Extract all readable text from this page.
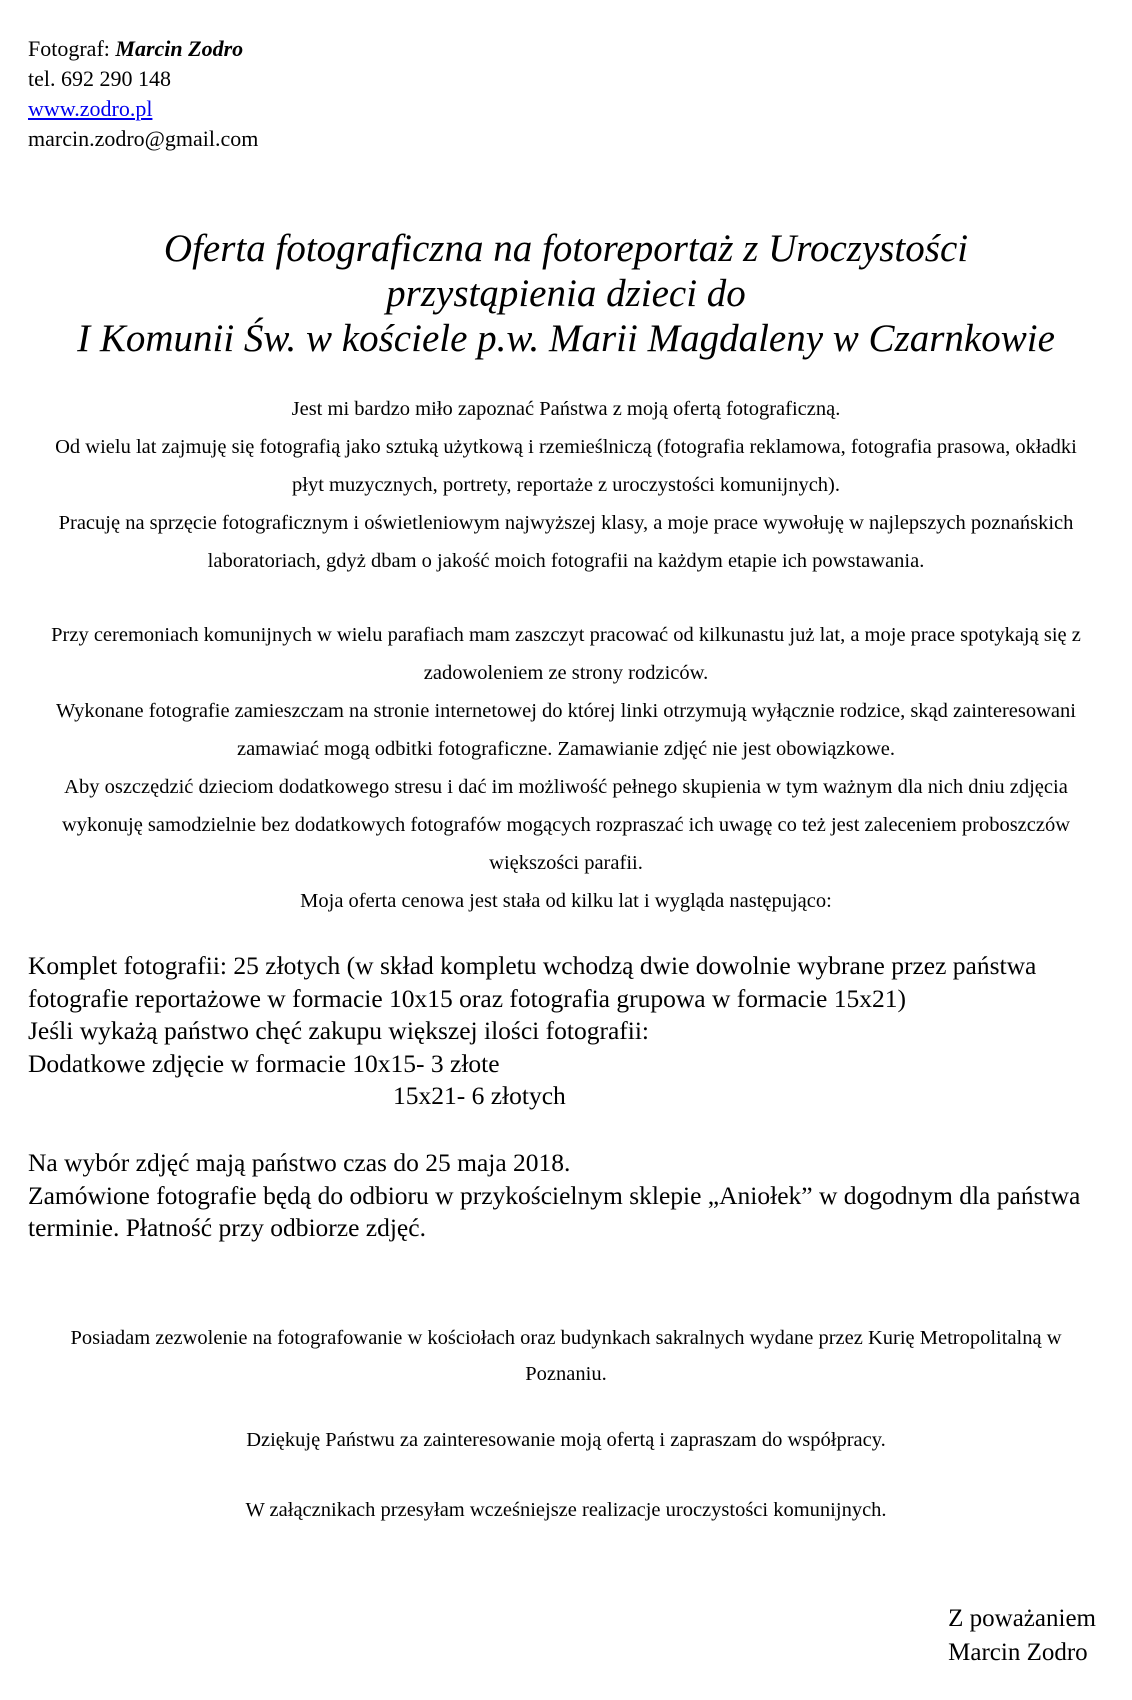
Fotograf: Marcin Zodro
tel. 692 290 148
www.zodro.pl
marcin.zodro@gmail.com
Oferta fotograficzna na fotoreportaż z Uroczystości
przystąpienia dzieci do
I Komunii Św. w kościele p.w. Marii Magdaleny w Czarnkowie

Jest mi bardzo miło zapoznać Państwa z moją ofertą fotograficzną.

Od wielu lat zajmuję się fotografią jako sztuką użytkową i rzemieślniczą (fotografia reklamowa, fotografia prasowa, okładki płyt muzycznych, portrety, reportaże z uroczystości komunijnych).

Pracuję na sprzęcie fotograficznym i oświetleniowym najwyższej klasy, a moje prace wywołuję w najlepszych poznańskich laboratoriach, gdyż dbam o jakość moich fotografii na każdym etapie ich powstawania.

Przy ceremoniach komunijnych w wielu parafiach mam zaszczyt pracować od kilkunastu już lat, a moje prace spotykają się z zadowoleniem ze strony rodziców.

Wykonane fotografie zamieszczam na stronie internetowej do której linki otrzymują wyłącznie rodzice, skąd zainteresowani zamawiać mogą odbitki fotograficzne. Zamawianie zdjęć nie jest obowiązkowe.

Aby oszczędzić dzieciom dodatkowego stresu i dać im możliwość pełnego skupienia w tym ważnym dla nich dniu zdjęcia wykonuję samodzielnie bez dodatkowych fotografów mogących rozpraszać ich uwagę co też jest zaleceniem proboszczów większości parafii.

Moja oferta cenowa jest stała od kilku lat i wygląda następująco:

Komplet fotografii: 25 złotych (w skład kompletu wchodzą dwie dowolnie wybrane przez państwa fotografie reportażowe w formacie 10x15 oraz fotografia grupowa w formacie 15x21)

Jeśli wykażą państwo chęć zakupu większej ilości fotografii:

Dodatkowe zdjęcie w formacie 10x15- 3 złote

15x21- 6 złotych

Na wybór zdjęć mają państwo czas do 25 maja 2018.

Zamówione fotografie będą do odbioru w przykościelnym sklepie „Aniołek” w dogodnym dla państwa terminie. Płatność przy odbiorze zdjęć.

Posiadam zezwolenie na fotografowanie w kościołach oraz budynkach sakralnych wydane przez Kurię Metropolitalną w Poznaniu.

Dziękuję Państwu za zainteresowanie moją ofertą i zapraszam do współpracy.

W załącznikach przesyłam wcześniejsze realizacje uroczystości komunijnych.

Z poważaniem

Marcin Zodro
